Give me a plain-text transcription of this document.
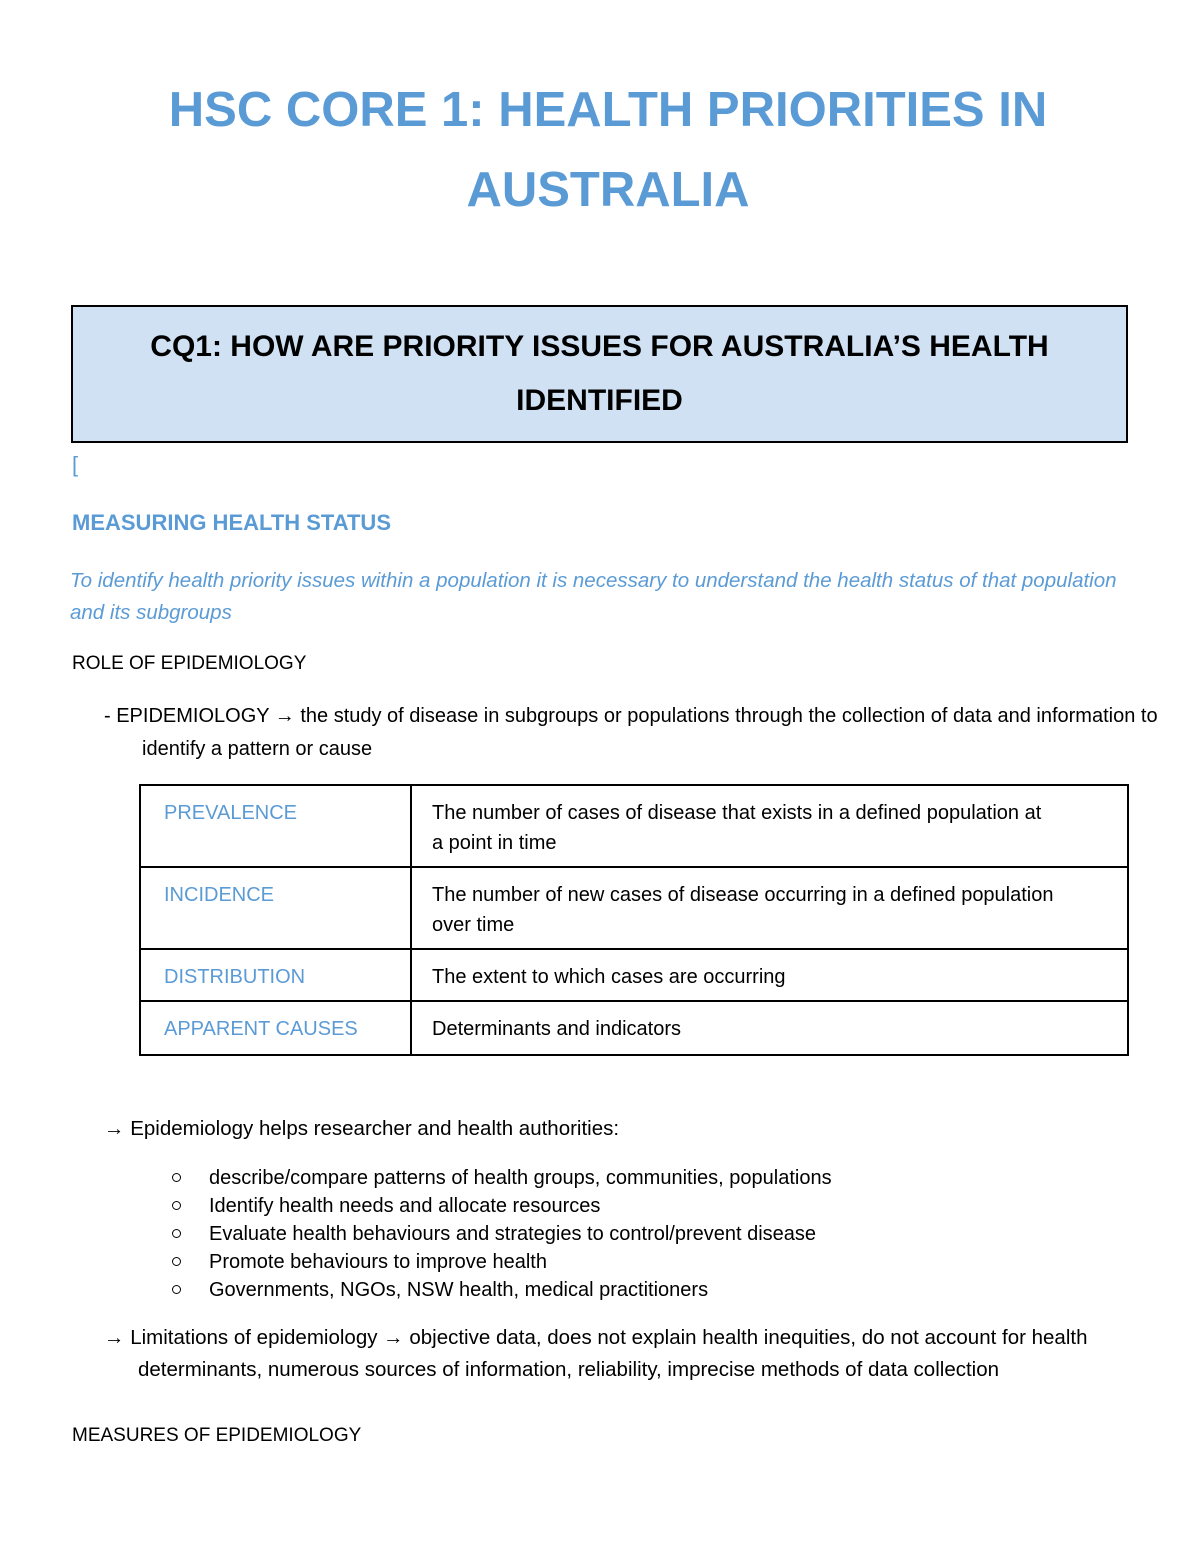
HSC CORE 1: HEALTH PRIORITIES IN AUSTRALIA
CQ1: HOW ARE PRIORITY ISSUES FOR AUSTRALIA’S HEALTH IDENTIFIED
[
MEASURING HEALTH STATUS

To identify health priority issues within a population it is necessary to understand the health status of that population and its subgroups

ROLE OF EPIDEMIOLOGY

- EPIDEMIOLOGY → the study of disease in subgroups or populations through the collection of data and information to identify a pattern or cause

PREVALENCE	The number of cases of disease that exists in a defined population at a point in time
INCIDENCE	The number of new cases of disease occurring in a defined population over time
DISTRIBUTION	The extent to which cases are occurring
APPARENT CAUSES	Determinants and indicators

→ Epidemiology helps researcher and health authorities:

describe/compare patterns of health groups, communities, populations
Identify health needs and allocate resources
Evaluate health behaviours and strategies to control/prevent disease
Promote behaviours to improve health
Governments, NGOs, NSW health, medical practitioners

→ Limitations of epidemiology → objective data, does not explain health inequities, do not account for health determinants, numerous sources of information, reliability, imprecise methods of data collection

MEASURES OF EPIDEMIOLOGY
